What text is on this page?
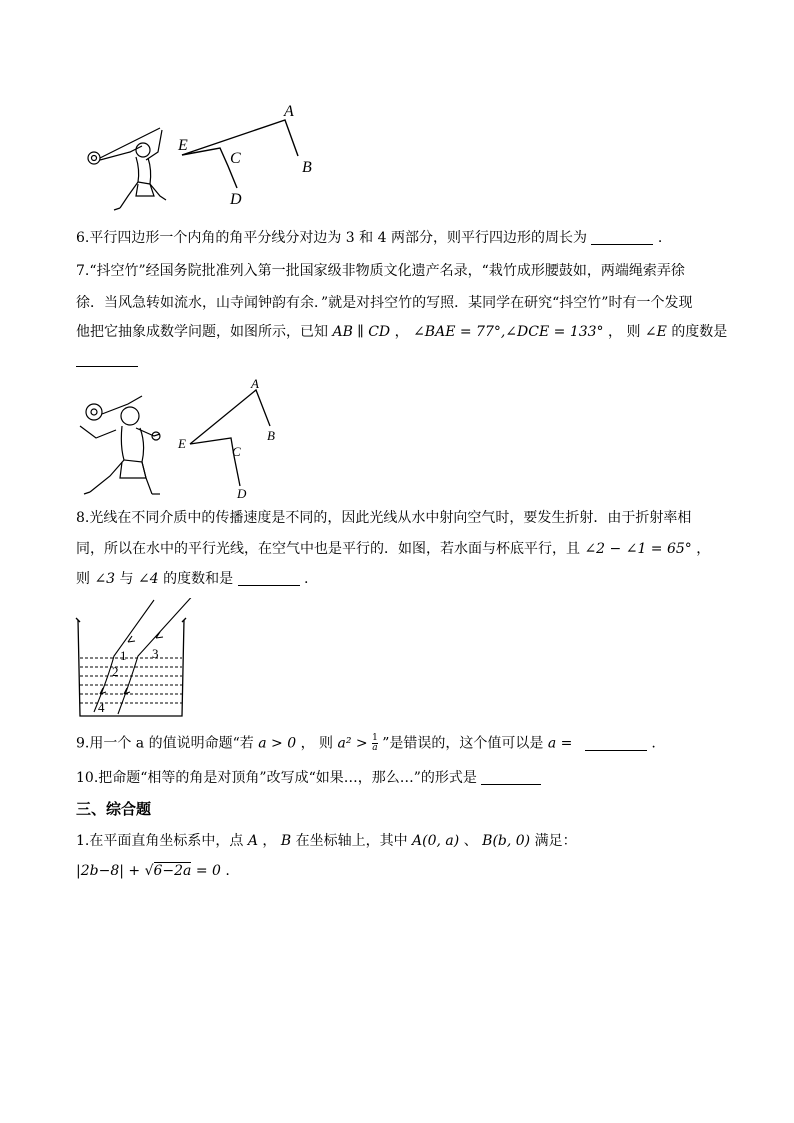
A
B
C
D
E
6.平行四边形一个内角的角平分线分对边为 3 和 4 两部分，则平行四边形的周长为	.
7.“抖空竹”经国务院批准列入第一批国家级非物质文化遗产名录，“栽竹成形腰鼓如，两端绳索弄徐
徐．当风急转如流水，山寺闻钟韵有余．”就是对抖空竹的写照．某同学在研究“抖空竹”时有一个发现
他把它抽象成数学问题，如图所示，已知 AB ∥ CD ， ∠BAE = 77°,∠DCE = 133° ， 则 ∠E 的度数是
A
B
C
D
E
8.光线在不同介质中的传播速度是不同的，因此光线从水中射向空气时，要发生折射．由于折射率相
同，所以在水中的平行光线，在空气中也是平行的．如图，若水面与杯底平行，且 ∠2 − ∠1 = 65° ，
则 ∠3 与 ∠4 的度数和是	.
1
2
3
4
9.用一个 a 的值说明命题“若 a > 0 ， 则 $a^2 > \frac{1}{a}$ ”是错误的，这个值可以是 a =	.
10.把命题“相等的角是对顶角”改写成“如果…，那么…”的形式是
三、综合题
1.在平面直角坐标系中，点 A ， B 在坐标轴上，其中 A(0, a) 、 B(b, 0) 满足：
|2b−8| + √6−2a = 0 .
